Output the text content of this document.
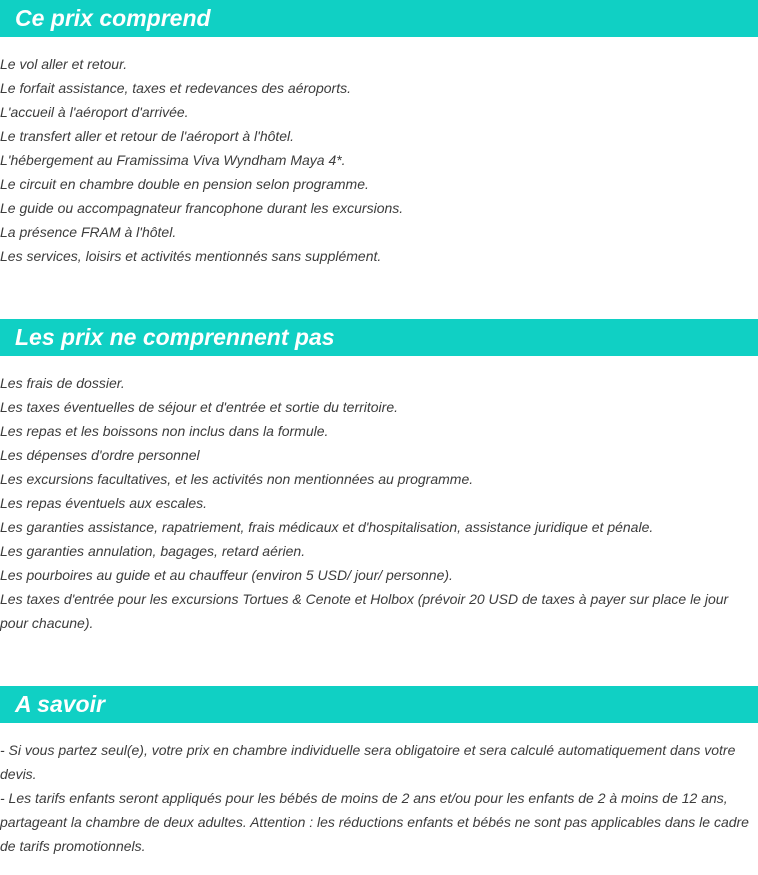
Ce prix comprend
Le vol aller et retour.
Le forfait assistance, taxes et redevances des aéroports.
L'accueil à l'aéroport d'arrivée.
Le transfert aller et retour de l'aéroport à l'hôtel.
L'hébergement au Framissima Viva Wyndham Maya 4*.
Le circuit en chambre double en pension selon programme.
Le guide ou accompagnateur francophone durant les excursions.
La présence FRAM à l'hôtel.
Les services, loisirs et activités mentionnés sans supplément.
Les prix ne comprennent pas
Les frais de dossier.
Les taxes éventuelles de séjour et d'entrée et sortie du territoire.
Les repas et les boissons non inclus dans la formule.
Les dépenses d'ordre personnel
Les excursions facultatives, et les activités non mentionnées au programme.
Les repas éventuels aux escales.
Les garanties assistance, rapatriement, frais médicaux et d'hospitalisation, assistance juridique et pénale.
Les garanties annulation, bagages, retard aérien.
Les pourboires au guide et au chauffeur (environ 5 USD/ jour/ personne).
Les taxes d'entrée pour les excursions Tortues & Cenote et Holbox (prévoir 20 USD de taxes à payer sur place le jour pour chacune).
A savoir
- Si vous partez seul(e), votre prix en chambre individuelle sera obligatoire et sera calculé automatiquement dans votre devis.
- Les tarifs enfants seront appliqués pour les bébés de moins de 2 ans et/ou pour les enfants de 2 à moins de 12 ans, partageant la chambre de deux adultes. Attention : les réductions enfants et bébés ne sont pas applicables dans le cadre de tarifs promotionnels.
